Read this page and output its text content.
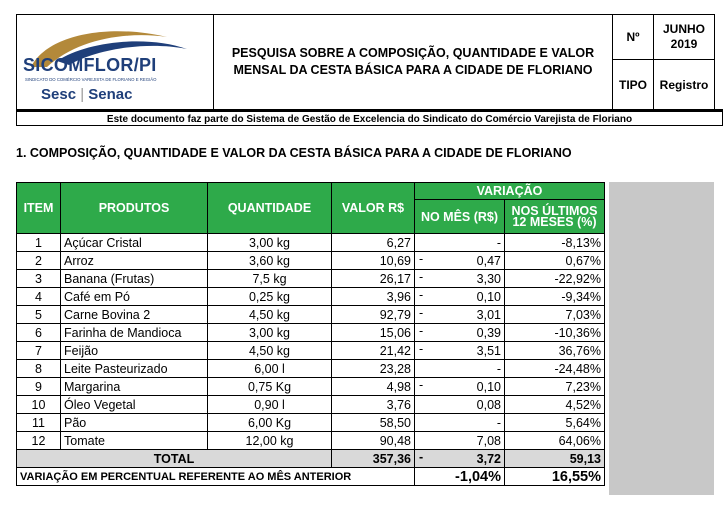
SICOMFLOR/PI
SINDICATO DO COMÉRCIO VAREJISTA DE FLORIANO E REGIÃO
Sesc | Senac
PESQUISA SOBRE A COMPOSIÇÃO, QUANTIDADE E VALOR MENSAL DA CESTA BÁSICA PARA A CIDADE DE FLORIANO
Nº
JUNHO
2019
TIPO	Registro
Este documento faz parte do Sistema de Gestão de Excelencia do Sindicato do Comércio Varejista de Floriano
1. COMPOSIÇÃO, QUANTIDADE E VALOR DA CESTA BÁSICA PARA A CIDADE DE FLORIANO
ITEM	PRODUTOS	QUANTIDADE	VALOR R$	VARIAÇÃO	
				NO MÊS (R$)	NOS ÚLTIMOS 12 MESES (%)
1	Açúcar Cristal	3,00 kg	6,27	-	-8,13%
2	Arroz	3,60 kg	10,69	- 0,47	0,67%
3	Banana (Frutas)	7,5 kg	26,17	- 3,30	-22,92%
4	Café em Pó	0,25 kg	3,96	- 0,10	-9,34%
5	Carne Bovina 2	4,50 kg	92,79	- 3,01	7,03%
6	Farinha de Mandioca	3,00 kg	15,06	- 0,39	-10,36%
7	Feijão	4,50 kg	21,42	- 3,51	36,76%
8	Leite Pasteurizado	6,00 l	23,28	-	-24,48%
9	Margarina	0,75 Kg	4,98	- 0,10	7,23%
10	Óleo Vegetal	0,90 l	3,76	0,08	4,52%
11	Pão	6,00 Kg	58,50	-	5,64%
12	Tomate	12,00 kg	90,48	7,08	64,06%
TOTAL			357,36	- 3,72	59,13
VARIAÇÃO EM PERCENTUAL REFERENTE AO MÊS ANTERIOR				-1,04%	16,55%
